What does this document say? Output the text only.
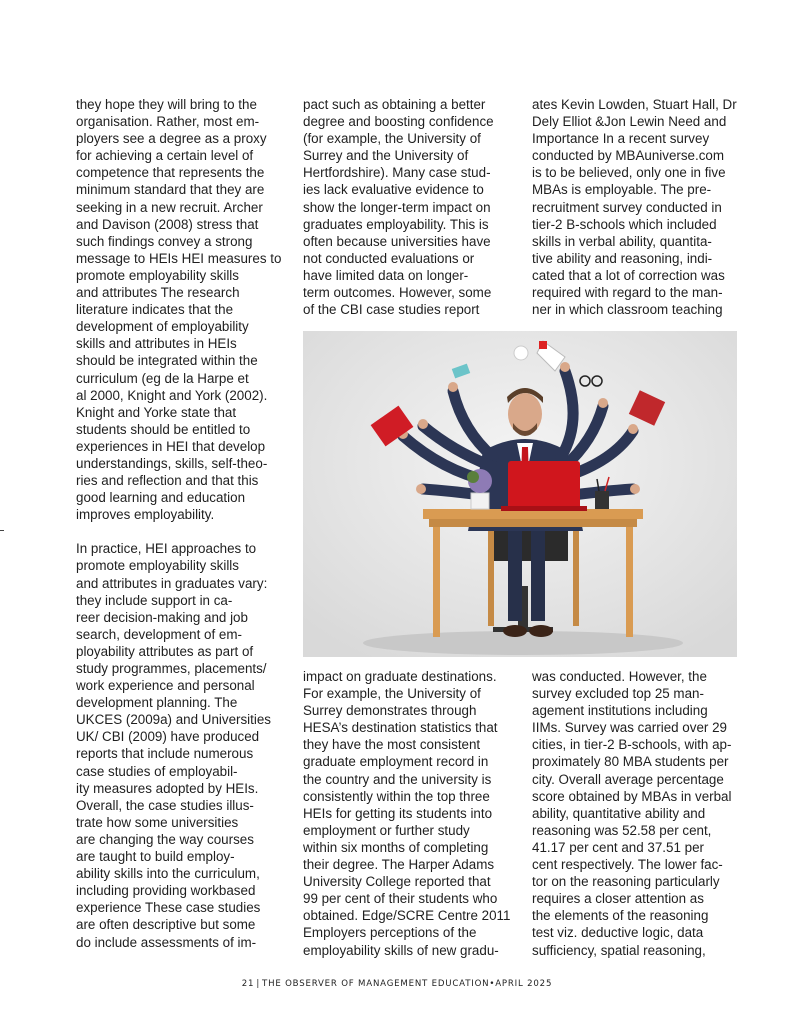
they hope they will bring to the
organisation. Rather, most em-
ployers see a degree as a proxy
for achieving a certain level of
competence that represents the
minimum standard that they are
seeking in a new recruit. Archer
and Davison (2008) stress that
such findings convey a strong
message to HEIs HEI measures to
promote employability skills
and attributes The research
literature indicates that the
development of employability
skills and attributes in HEIs
should be integrated within the
curriculum (eg de la Harpe et
al 2000, Knight and York (2002).
Knight and Yorke state that
students should be entitled to
experiences in HEI that develop
understandings, skills, self-theo-
ries and reflection and that this
good learning and education
improves employability.

In practice, HEI approaches to
promote employability skills
and attributes in graduates vary:
they include support in ca-
reer decision-making and job
search, development of em-
ployability attributes as part of
study programmes, placements/
work experience and personal
development planning. The
UKCES (2009a) and Universities
UK/ CBI (2009) have produced
reports that include numerous
case studies of employabil-
ity measures adopted by HEIs.
Overall, the case studies illus-
trate how some universities
are changing the way courses
are taught to build employ-
ability skills into the curriculum,
including providing workbased
experience These case studies
are often descriptive but some
do include assessments of im-

pact such as obtaining a better
degree and boosting confidence
(for example, the University of
Surrey and the University of
Hertfordshire). Many case stud-
ies lack evaluative evidence to
show the longer-term impact on
graduates employability. This is
often because universities have
not conducted evaluations or
have limited data on longer-
term outcomes. However, some
of the CBI case studies report

ates Kevin Lowden, Stuart Hall, Dr
Dely Elliot &Jon Lewin Need and
Importance In a recent survey
conducted by MBAuniverse.com
is to be believed, only one in five
MBAs is employable. The pre-
recruitment survey conducted in
tier-2 B-schools which included
skills in verbal ability, quantita-
tive ability and reasoning, indi-
cated that a lot of correction was
required with regard to the man-
ner in which classroom teaching

impact on graduate destinations.
For example, the University of
Surrey demonstrates through
HESA’s destination statistics that
they have the most consistent
graduate employment record in
the country and the university is
consistently within the top three
HEIs for getting its students into
employment or further study
within six months of completing
their degree. The Harper Adams
University College reported that
99 per cent of their students who
obtained. Edge/SCRE Centre 2011
Employers perceptions of the
employability skills of new gradu-

was conducted. However, the
survey excluded top 25 man-
agement institutions including
IIMs. Survey was carried over 29
cities, in tier-2 B-schools, with ap-
proximately 80 MBA students per
city. Overall average percentage
score obtained by MBAs in verbal
ability, quantitative ability and
reasoning was 52.58 per cent,
41.17 per cent and 37.51 per
cent respectively. The lower fac-
tor on the reasoning particularly
requires a closer attention as
the elements of the reasoning
test viz. deductive logic, data
sufficiency, spatial reasoning,

21 | THE OBSERVER OF MANAGEMENT EDUCATION•APRIL 2025
